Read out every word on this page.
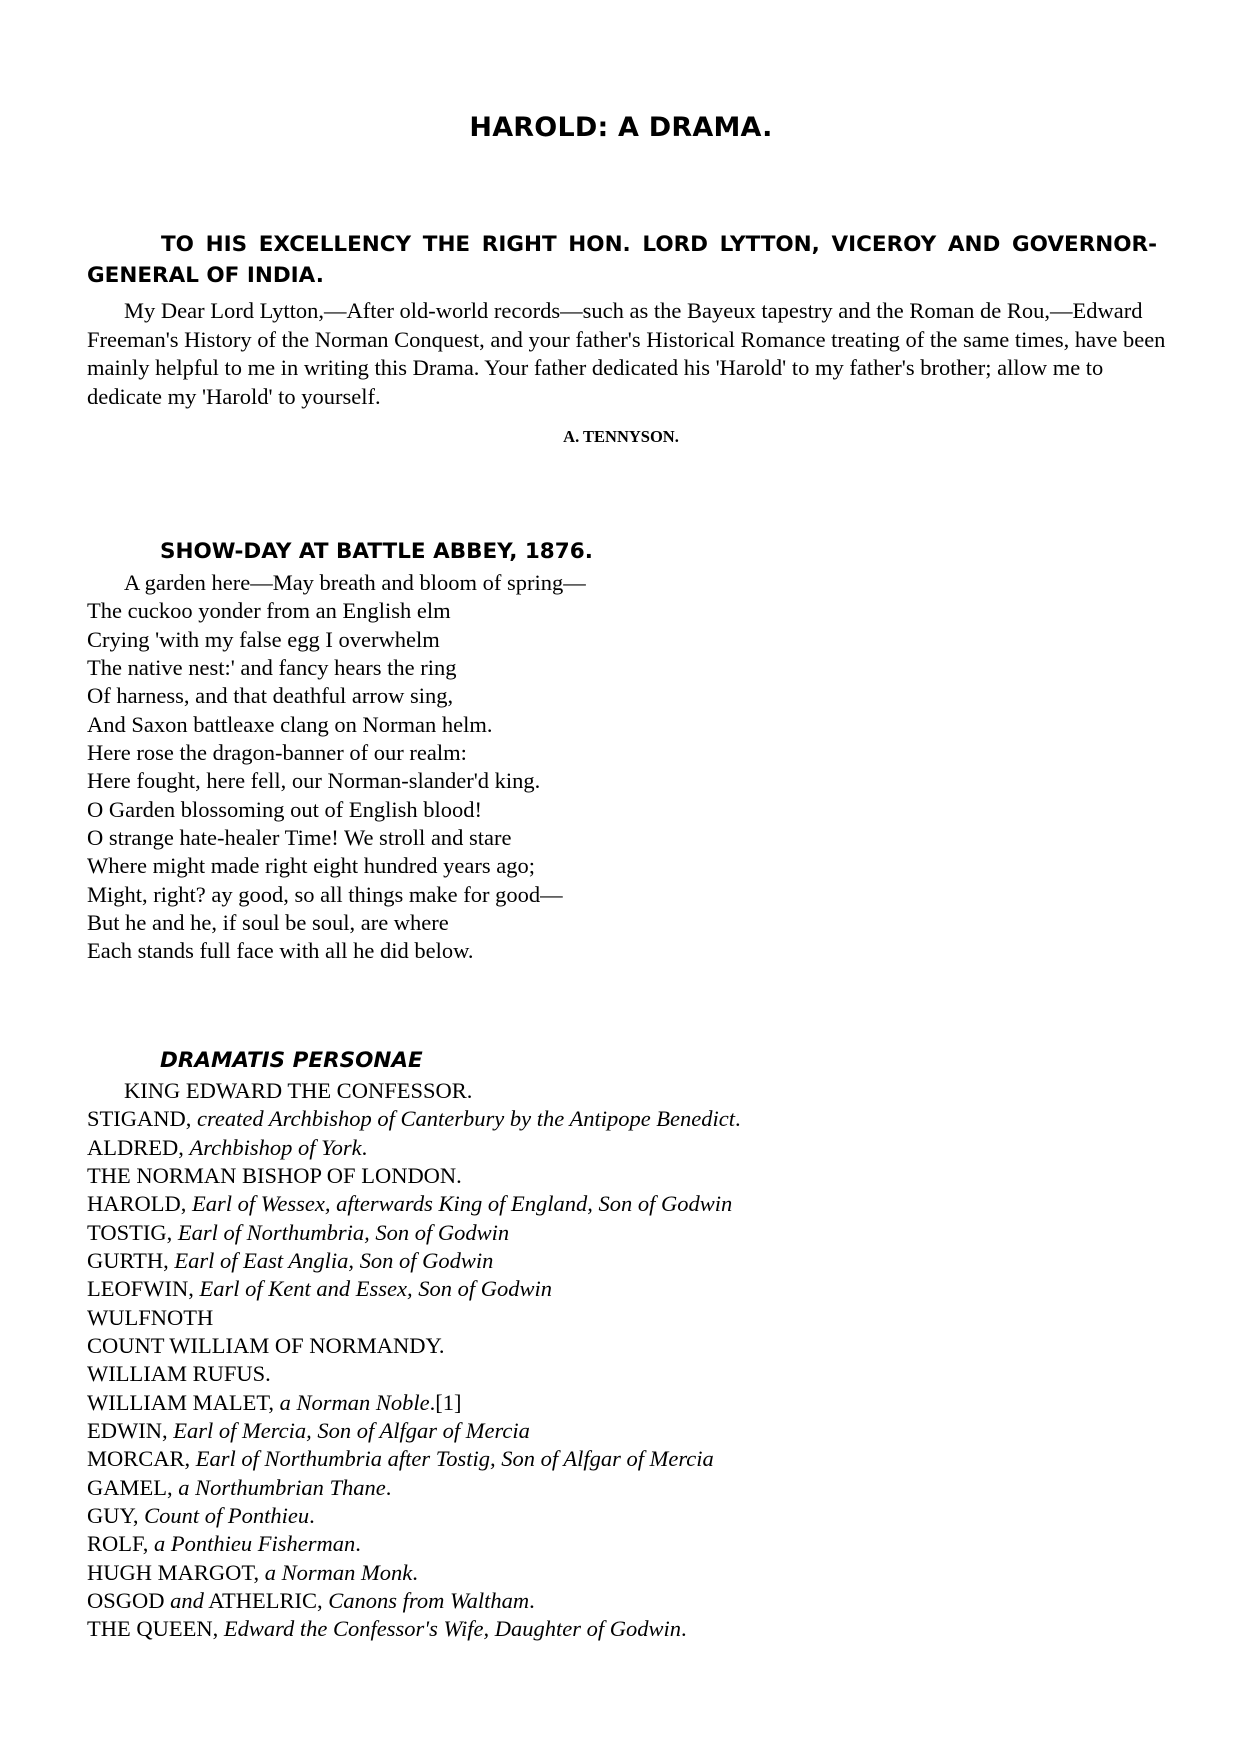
HAROLD: A DRAMA.
TO HIS EXCELLENCY THE RIGHT HON. LORD LYTTON, VICEROY AND GOVERNOR-GENERAL OF INDIA.
My Dear Lord Lytton,—After old-world records—such as the Bayeux tapestry and the Roman de Rou,—Edward Freeman's History of the Norman Conquest, and your father's Historical Romance treating of the same times, have been mainly helpful to me in writing this Drama. Your father dedicated his 'Harold' to my father's brother; allow me to dedicate my 'Harold' to yourself.
A. TENNYSON.
SHOW-DAY AT BATTLE ABBEY, 1876.
A garden here—May breath and bloom of spring—
The cuckoo yonder from an English elm
Crying 'with my false egg I overwhelm
The native nest:' and fancy hears the ring
Of harness, and that deathful arrow sing,
And Saxon battleaxe clang on Norman helm.
Here rose the dragon-banner of our realm:
Here fought, here fell, our Norman-slander'd king.
O Garden blossoming out of English blood!
O strange hate-healer Time! We stroll and stare
Where might made right eight hundred years ago;
Might, right? ay good, so all things make for good—
But he and he, if soul be soul, are where
Each stands full face with all he did below.
DRAMATIS PERSONAE
KING EDWARD THE CONFESSOR.
STIGAND, created Archbishop of Canterbury by the Antipope Benedict.
ALDRED, Archbishop of York.
THE NORMAN BISHOP OF LONDON.
HAROLD, Earl of Wessex, afterwards King of England, Son of Godwin
TOSTIG, Earl of Northumbria, Son of Godwin
GURTH, Earl of East Anglia, Son of Godwin
LEOFWIN, Earl of Kent and Essex, Son of Godwin
WULFNOTH
COUNT WILLIAM OF NORMANDY.
WILLIAM RUFUS.
WILLIAM MALET, a Norman Noble.[1]
EDWIN, Earl of Mercia, Son of Alfgar of Mercia
MORCAR, Earl of Northumbria after Tostig, Son of Alfgar of Mercia
GAMEL, a Northumbrian Thane.
GUY, Count of Ponthieu.
ROLF, a Ponthieu Fisherman.
HUGH MARGOT, a Norman Monk.
OSGOD and ATHELRIC, Canons from Waltham.
THE QUEEN, Edward the Confessor's Wife, Daughter of Godwin.
